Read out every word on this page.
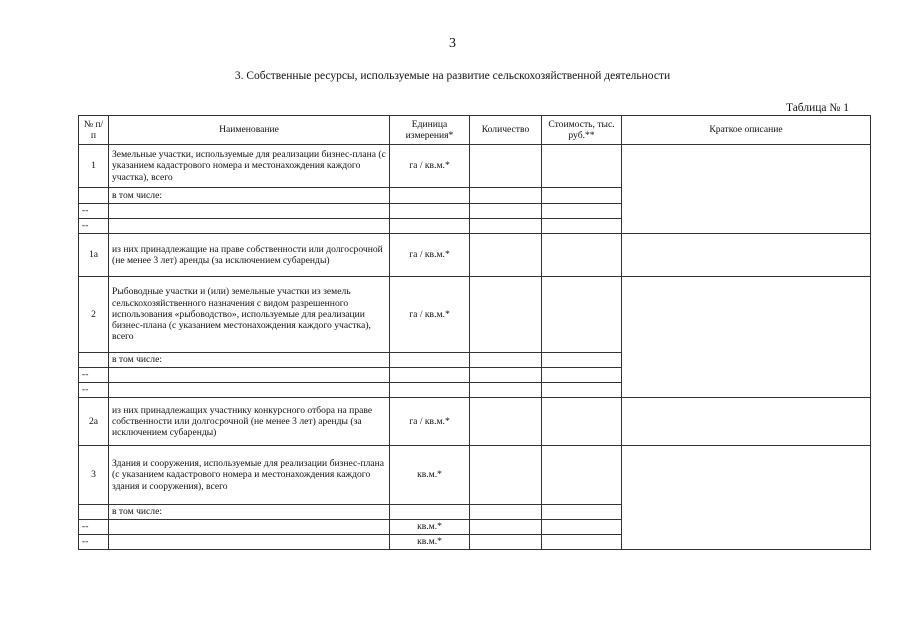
3
3. Собственные ресурсы, используемые на развитие сельскохозяйственной деятельности
Таблица № 1
№ п/п	Наименование	Единица измерения*	Количество	Стоимость, тыс. руб.**	Краткое описание
1	Земельные участки, используемые для реализации бизнес-плана (с указанием кадастрового номера и местонахождения каждого участка), всего	га / кв.м.*			
	в том числе:				
--					
--					
1а	из них принадлежащие на праве собственности или долгосрочной (не менее 3 лет) аренды (за исключением субаренды)	га / кв.м.*			
2	Рыбоводные участки и (или) земельные участки из земель сельскохозяйственного назначения с видом разрешенного использования «рыбоводство», используемые для реализации бизнес-плана (с указанием местонахождения каждого участка), всего	га / кв.м.*			
	в том числе:				
--					
--					
2а	из них принадлежащих участнику конкурсного отбора на праве собственности или долгосрочной (не менее 3 лет) аренды (за исключением субаренды)	га / кв.м.*			
3	Здания и сооружения, используемые для реализации бизнес-плана (с указанием кадастрового номера и местонахождения каждого здания и сооружения), всего	кв.м.*			
	в том числе:				
--		кв.м.*			
--		кв.м.*			
